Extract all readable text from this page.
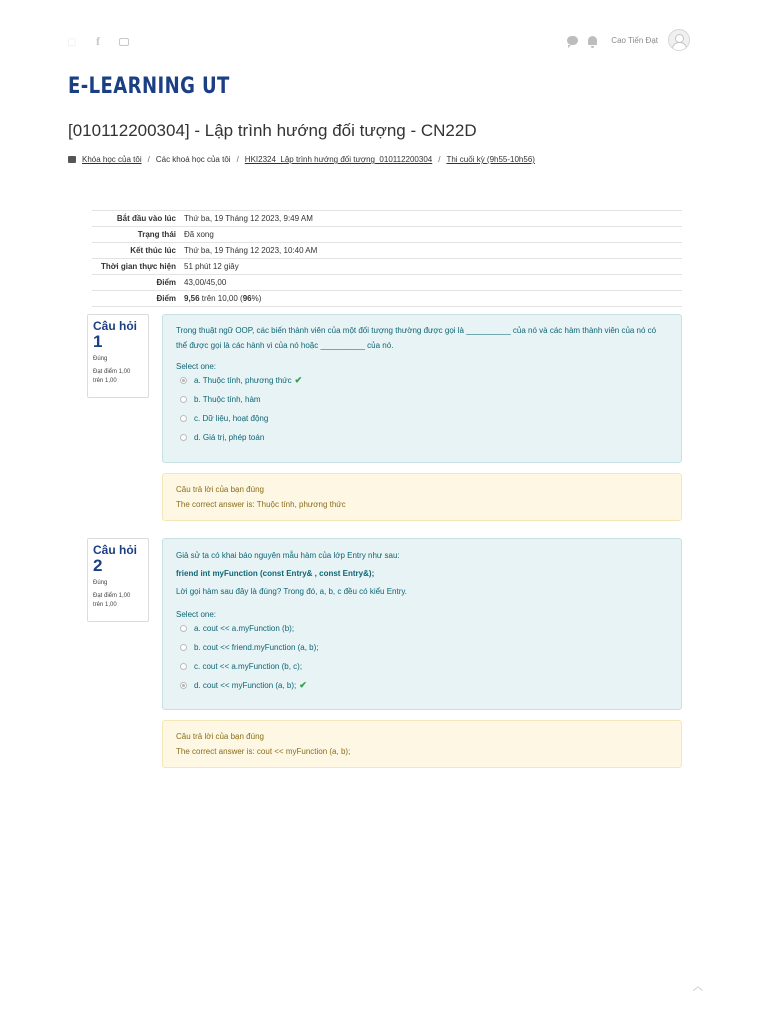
◻ f	Cao Tiến Đạt
E-LEARNING UT
[010112200304] - Lập trình hướng đối tượng - CN22D
Khóa học của tôi / Các khoá học của tôi / HKI2324_Lập trình hướng đối tượng_010112200304 / Thi cuối kỳ (9h55-10h56)
Bắt đầu vào lúc	Thứ ba, 19 Tháng 12 2023, 9:49 AM
Trạng thái	Đã xong
Kết thúc lúc	Thứ ba, 19 Tháng 12 2023, 10:40 AM
Thời gian thực hiện	51 phút 12 giây
Điểm	43,00/45,00
Điểm	9,56 trên 10,00 (96%)
Câu hỏi
1
Đúng
Đạt điểm 1,00
trên 1,00
Trong thuật ngữ OOP, các biến thành viên của một đối tượng thường được gọi là __________ của nó và các hàm thành viên của nó có thể được gọi là các hành vi của nó hoặc __________ của nó.
Select one:
a. Thuộc tính, phương thức ✔
b. Thuộc tính, hàm
c. Dữ liệu, hoạt động
d. Giá trị, phép toán
Câu trả lời của bạn đúng
The correct answer is: Thuộc tính, phương thức
Câu hỏi
2
Đúng
Đạt điểm 1,00
trên 1,00
Giả sử ta có khai báo nguyên mẫu hàm của lớp Entry như sau:
friend int myFunction (const Entry& , const Entry&);
Lời gọi hàm sau đây là đúng? Trong đó, a, b, c đều có kiểu Entry.
Select one:
a. cout << a.myFunction (b);
b. cout << friend.myFunction (a, b);
c. cout << a.myFunction (b, c);
d. cout << myFunction (a, b); ✔
Câu trả lời của bạn đúng
The correct answer is: cout << myFunction (a, b);
︿
